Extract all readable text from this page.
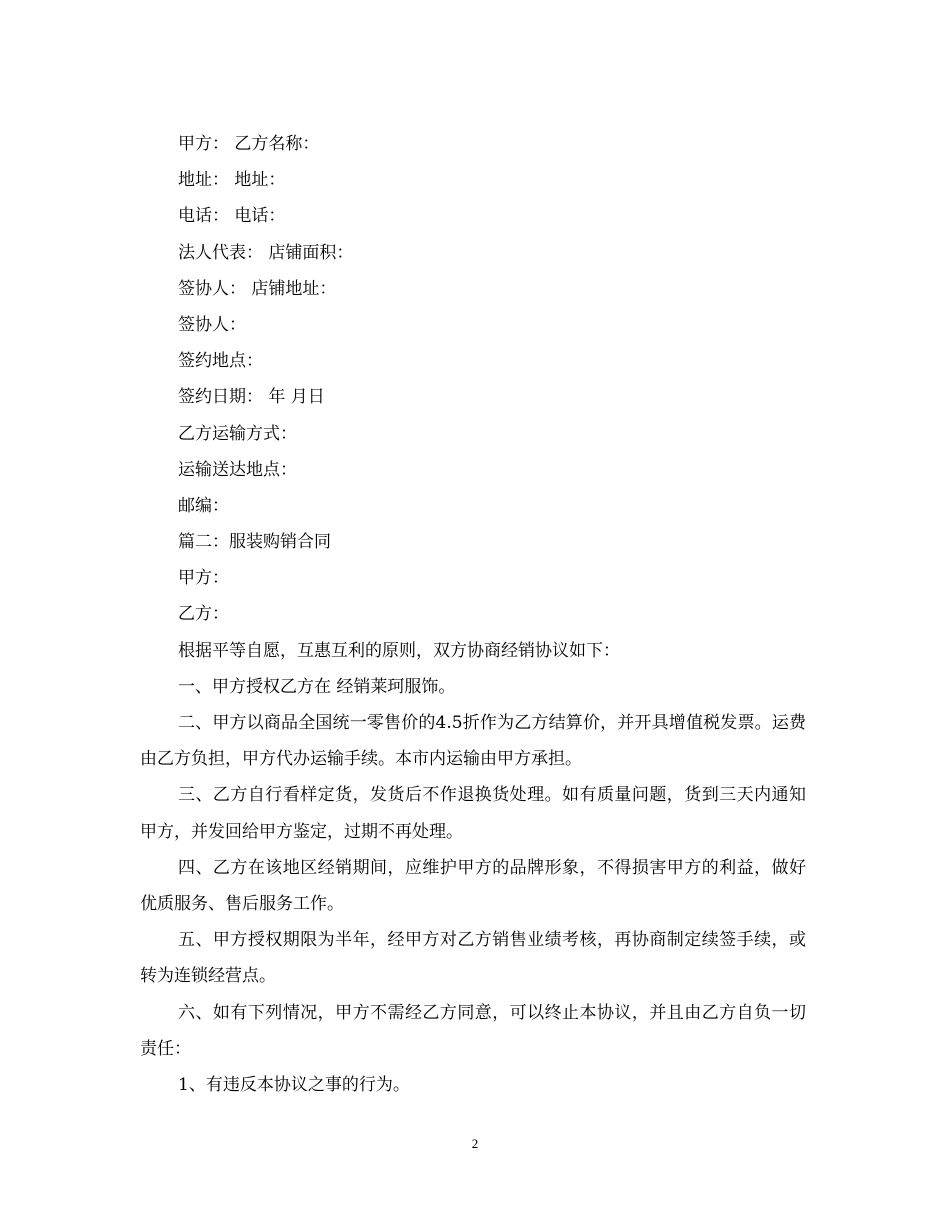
甲方： 乙方名称：

地址： 地址：

电话： 电话：

法人代表： 店铺面积：

签协人： 店铺地址：

签协人：

签约地点：

签约日期： 年 月日

乙方运输方式：

运输送达地点：

邮编：

篇二：服装购销合同

甲方：

乙方：

根据平等自愿，互惠互利的原则，双方协商经销协议如下：

一、甲方授权乙方在 经销莱珂服饰。

二、甲方以商品全国统一零售价的4.5折作为乙方结算价，并开具增值税发票。运费由乙方负担，甲方代办运输手续。本市内运输由甲方承担。

三、乙方自行看样定货，发货后不作退换货处理。如有质量问题，货到三天内通知甲方，并发回给甲方鉴定，过期不再处理。

四、乙方在该地区经销期间，应维护甲方的品牌形象，不得损害甲方的利益，做好优质服务、售后服务工作。

五、甲方授权期限为半年，经甲方对乙方销售业绩考核，再协商制定续签手续，或转为连锁经营点。

六、如有下列情况，甲方不需经乙方同意，可以终止本协议，并且由乙方自负一切责任：

1、有违反本协议之事的行为。

2
